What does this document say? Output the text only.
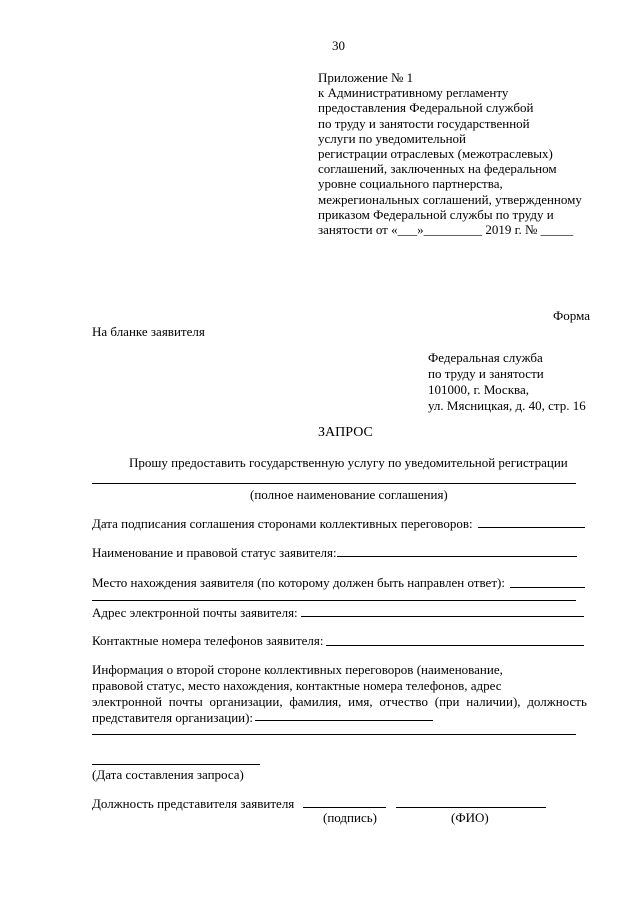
30
Приложение № 1
к Административному регламенту
предоставления Федеральной службой
по труду и занятости государственной
услуги по уведомительной
регистрации отраслевых (межотраслевых)
соглашений, заключенных на федеральном
уровне социального партнерства,
межрегиональных соглашений, утвержденному
приказом Федеральной службы по труду и
занятости от «___»_________ 2019 г. № _____
Форма
На бланке заявителя
Федеральная служба
по труду и занятости
101000, г. Москва,
ул. Мясницкая, д. 40, стр. 16
ЗАПРОС
Прошу предоставить государственную услугу по уведомительной регистрации
(полное наименование соглашения)
Дата подписания соглашения сторонами коллективных переговоров:
Наименование и правовой статус заявителя:
Место нахождения заявителя (по которому должен быть направлен ответ):
Адрес электронной почты заявителя:
Контактные номера телефонов заявителя:
Информация о второй стороне коллективных переговоров (наименование,
правовой статус, место нахождения, контактные номера телефонов, адрес
электронной почты организации, фамилия, имя, отчество (при наличии), должность
представителя организации):
(Дата составления запроса)
Должность представителя заявителя
(подпись)	(ФИО)
